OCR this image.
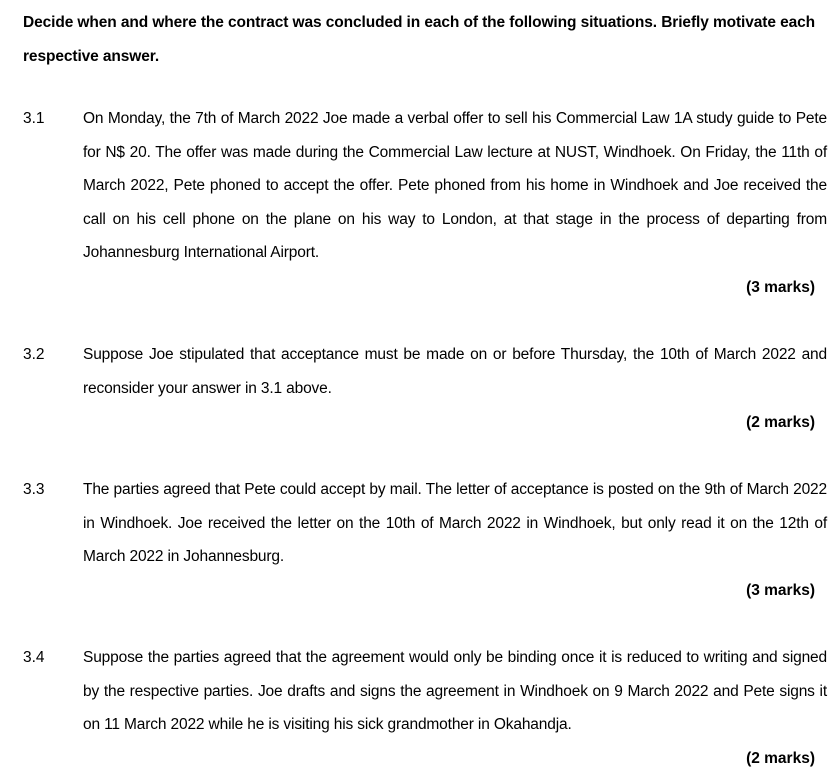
Decide when and where the contract was concluded in each of the following situations. Briefly motivate each respective answer.
3.1 On Monday, the 7th of March 2022 Joe made a verbal offer to sell his Commercial Law 1A study guide to Pete for N$ 20. The offer was made during the Commercial Law lecture at NUST, Windhoek. On Friday, the 11th of March 2022, Pete phoned to accept the offer. Pete phoned from his home in Windhoek and Joe received the call on his cell phone on the plane on his way to London, at that stage in the process of departing from Johannesburg International Airport.
(3 marks)
3.2 Suppose Joe stipulated that acceptance must be made on or before Thursday, the 10th of March 2022 and reconsider your answer in 3.1 above.
(2 marks)
3.3 The parties agreed that Pete could accept by mail. The letter of acceptance is posted on the 9th of March 2022 in Windhoek. Joe received the letter on the 10th of March 2022 in Windhoek, but only read it on the 12th of March 2022 in Johannesburg.
(3 marks)
3.4 Suppose the parties agreed that the agreement would only be binding once it is reduced to writing and signed by the respective parties. Joe drafts and signs the agreement in Windhoek on 9 March 2022 and Pete signs it on 11 March 2022 while he is visiting his sick grandmother in Okahandja.
(2 marks)
